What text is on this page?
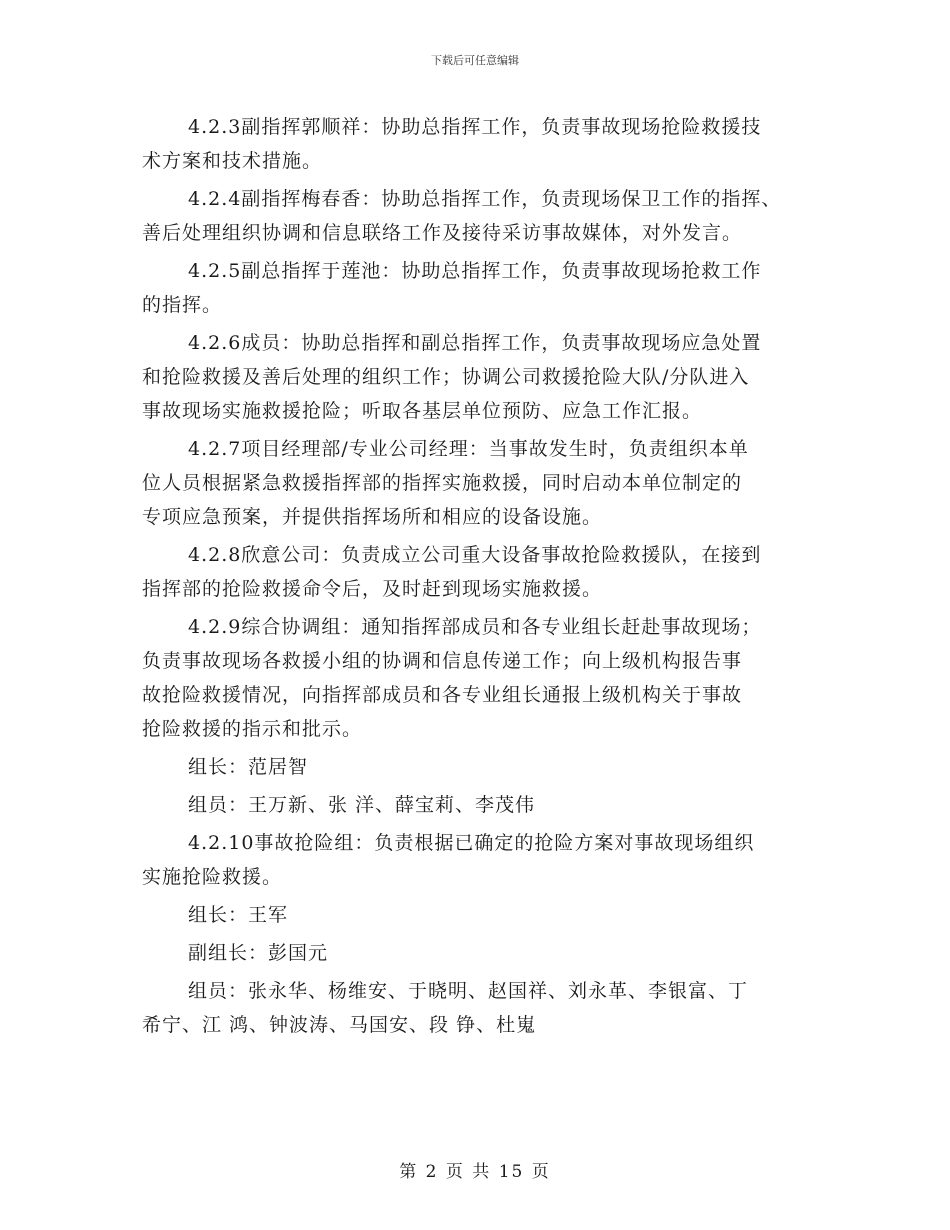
下载后可任意编辑
4.2.3副指挥郭顺祥：协助总指挥工作，负责事故现场抢险救援技
术方案和技术措施。
4.2.4副指挥梅春香：协助总指挥工作，负责现场保卫工作的指挥、
善后处理组织协调和信息联络工作及接待采访事故媒体，对外发言。
4.2.5副总指挥于莲池：协助总指挥工作，负责事故现场抢救工作
的指挥。
4.2.6成员：协助总指挥和副总指挥工作，负责事故现场应急处置
和抢险救援及善后处理的组织工作；协调公司救援抢险大队/分队进入
事故现场实施救援抢险；听取各基层单位预防、应急工作汇报。
4.2.7项目经理部/专业公司经理：当事故发生时，负责组织本单
位人员根据紧急救援指挥部的指挥实施救援，同时启动本单位制定的
专项应急预案，并提供指挥场所和相应的设备设施。
4.2.8欣意公司：负责成立公司重大设备事故抢险救援队，在接到
指挥部的抢险救援命令后，及时赶到现场实施救援。
4.2.9综合协调组：通知指挥部成员和各专业组长赶赴事故现场；
负责事故现场各救援小组的协调和信息传递工作；向上级机构报告事
故抢险救援情况，向指挥部成员和各专业组长通报上级机构关于事故
抢险救援的指示和批示。
组长：范居智
组员：王万新、张 洋、薛宝莉、李茂伟
4.2.10事故抢险组：负责根据已确定的抢险方案对事故现场组织
实施抢险救援。
组长：王军
副组长：彭国元
组员：张永华、杨维安、于晓明、赵国祥、刘永革、李银富、丁
希宁、江 鸿、钟波涛、马国安、段 铮、杜嵬
第 2 页 共 15 页
